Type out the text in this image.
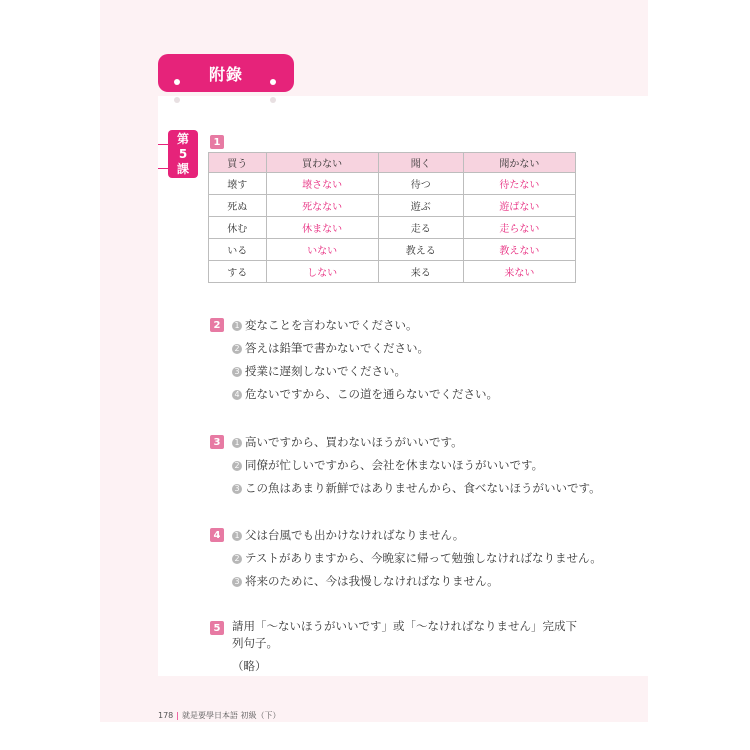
附錄
第
5
課
1
買う	買わない	聞く	聞かない
壊す	壊さない	待つ	待たない
死ぬ	死なない	遊ぶ	遊ばない
休む	休まない	走る	走らない
いる	いない	教える	教えない
する	しない	来る	来ない
2	1 変なことを言わないでください。
2 答えは鉛筆で書かないでください。
3 授業に遅刻しないでください。
4 危ないですから、この道を通らないでください。
3	1 高いですから、買わないほうがいいです。
2 同僚が忙しいですから、会社を休まないほうがいいです。
3 この魚はあまり新鮮ではありませんから、食べないほうがいいです。
4	1 父は台風でも出かけなければなりません。
2 テストがありますから、今晩家に帰って勉強しなければなりません。
3 将来のために、今は我慢しなければなりません。
5	請用「～ないほうがいいです」或「～なければなりません」完成下列句子。
（略）
178 | 就是要學日本語 初級（下）
